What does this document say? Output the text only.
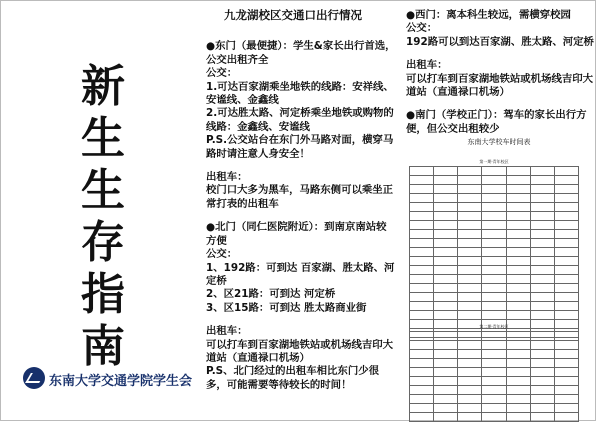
新
生
生
存
指
南
东南大学交通学院学生会
九龙湖校区交通口出行情况

●东门（最便捷）：学生&家长出行首选，公交出租齐全

公交：

1.可达百家湖乘坐地铁的线路：安祥线、安谧线、金鑫线

2.可达胜太路、河定桥乘坐地铁或购物的线路：金鑫线、安谧线

P.S.公交站台在东门外马路对面，横穿马路时请注意人身安全！

出租车：

校门口大多为黑车，马路东侧可以乘坐正常打表的出租车

●北门（同仁医院附近）：到南京南站较方便

公交：

1、192路：可到达 百家湖、胜太路、河定桥

2、区21路：可到达 河定桥

3、区15路：可到达 胜太路商业街

出租车：

可以打车到百家湖地铁站或机场线吉印大道站（直通禄口机场）

P.S、北门经过的出租车相比东门少很多，可能需要等待较长的时间！

●西门：离本科生较远，需横穿校园

公交：

192路可以到达百家湖、胜太路、河定桥

出租车：

可以打车到百家湖地铁站或机场线吉印大道站（直通禄口机场）

●南门（学校正门）：驾车的家长出行方便，但公交出租较少

东南大学校车时间表
第一期·青年校区

第二期·青年校区
